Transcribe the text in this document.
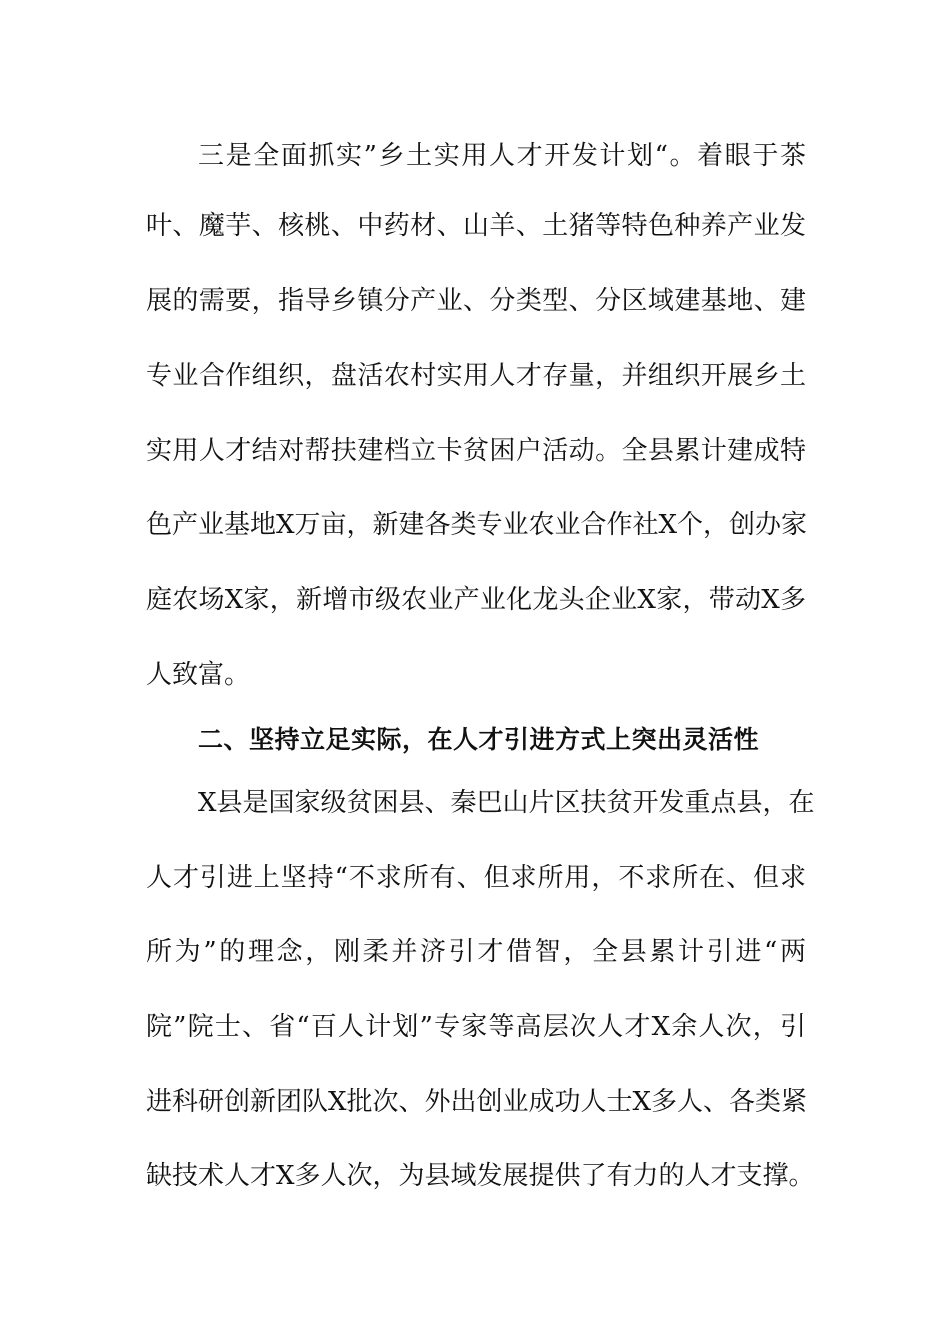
三是全面抓实”乡土实用人才开发计划“。着眼于茶
叶、魔芋、核桃、中药材、山羊、土猪等特色种养产业发
展的需要，指导乡镇分产业、分类型、分区域建基地、建
专业合作组织，盘活农村实用人才存量，并组织开展乡土
实用人才结对帮扶建档立卡贫困户活动。全县累计建成特
色产业基地X万亩，新建各类专业农业合作社X个，创办家
庭农场X家，新增市级农业产业化龙头企业X家，带动X多
人致富。
二、坚持立足实际，在人才引进方式上突出灵活性
X县是国家级贫困县、秦巴山片区扶贫开发重点县，在
人才引进上坚持“不求所有、但求所用，不求所在、但求
所为”的理念，刚柔并济引才借智，全县累计引进“两
院”院士、省“百人计划”专家等高层次人才X余人次，引
进科研创新团队X批次、外出创业成功人士X多人、各类紧
缺技术人才X多人次，为县域发展提供了有力的人才支撑。
